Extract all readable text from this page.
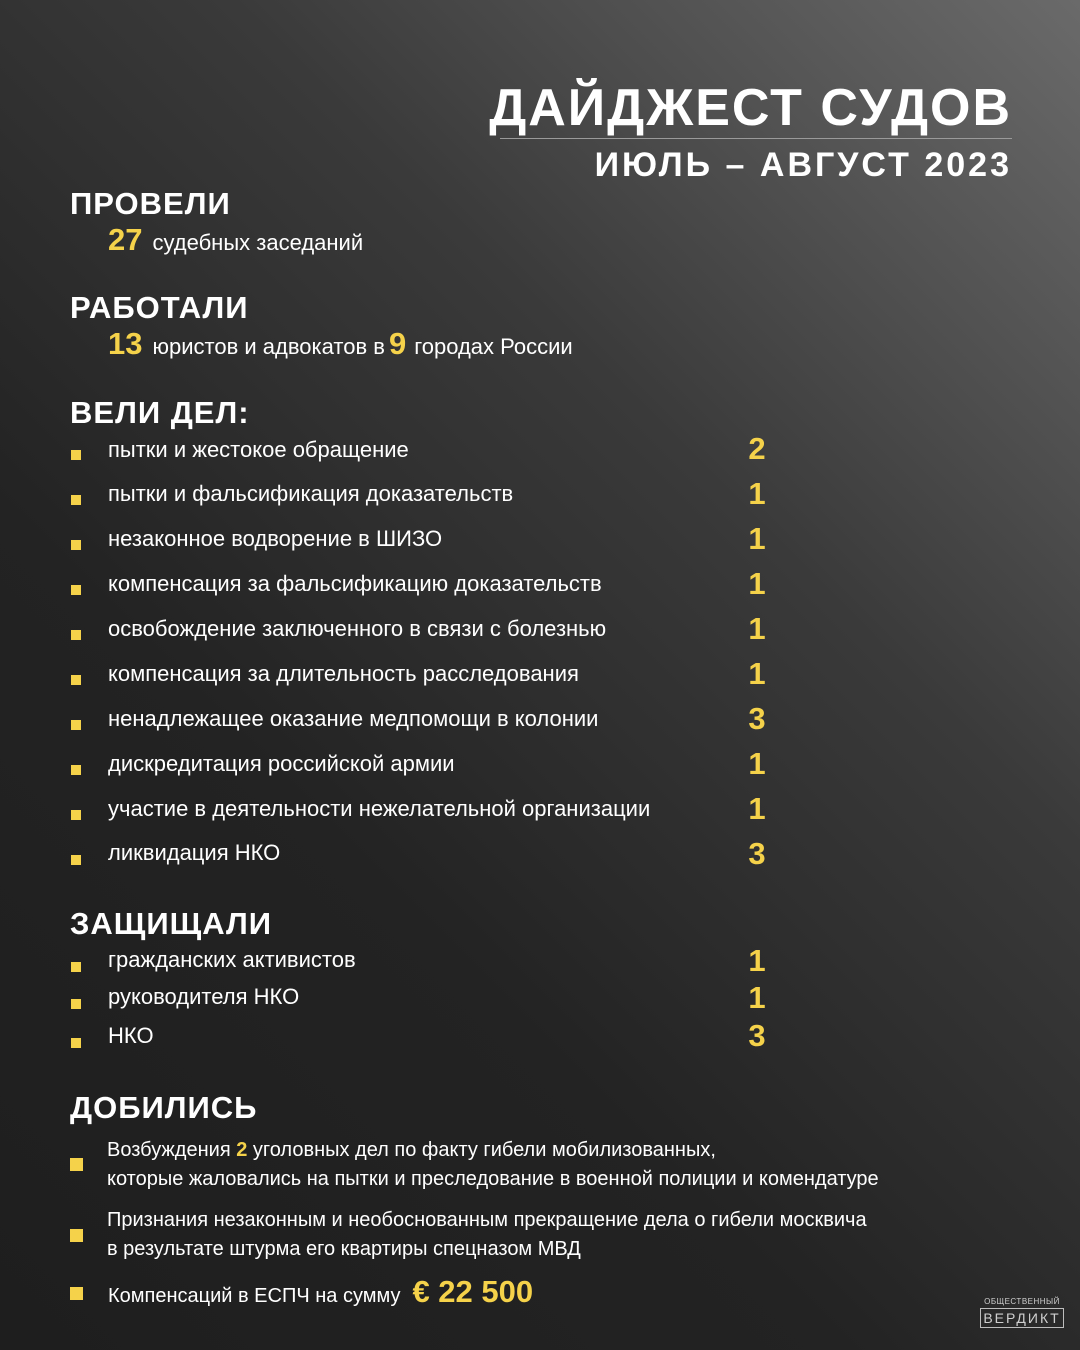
ДАЙДЖЕСТ СУДОВ
ИЮЛЬ – АВГУСТ 2023
ПРОВЕЛИ
27 судебных заседаний
РАБОТАЛИ
13 юристов и адвокатов в 9 городах России
ВЕЛИ ДЕЛ:
пытки и жестокое обращение	2
пытки и фальсификация доказательств	1
незаконное водворение в ШИЗО	1
компенсация за фальсификацию доказательств	1
освобождение заключенного в связи с болезнью	1
компенсация за длительность расследования	1
ненадлежащее оказание медпомощи в колонии	3
дискредитация российской армии	1
участие в деятельности нежелательной организации	1
ликвидация НКО	3
ЗАЩИЩАЛИ
гражданских активистов	1
руководителя НКО	1
НКО	3
ДОБИЛИСЬ
Возбуждения 2 уголовных дел по факту гибели мобилизованных,
которые жаловались на пытки и преследование в военной полиции и комендатуре
Признания незаконным и необоснованным прекращение дела о гибели москвича
в результате штурма его квартиры спецназом МВД
Компенсаций в ЕСПЧ на сумму € 22 500	ОБЩЕСТВЕННЫЙ
ВЕРДИКТ
